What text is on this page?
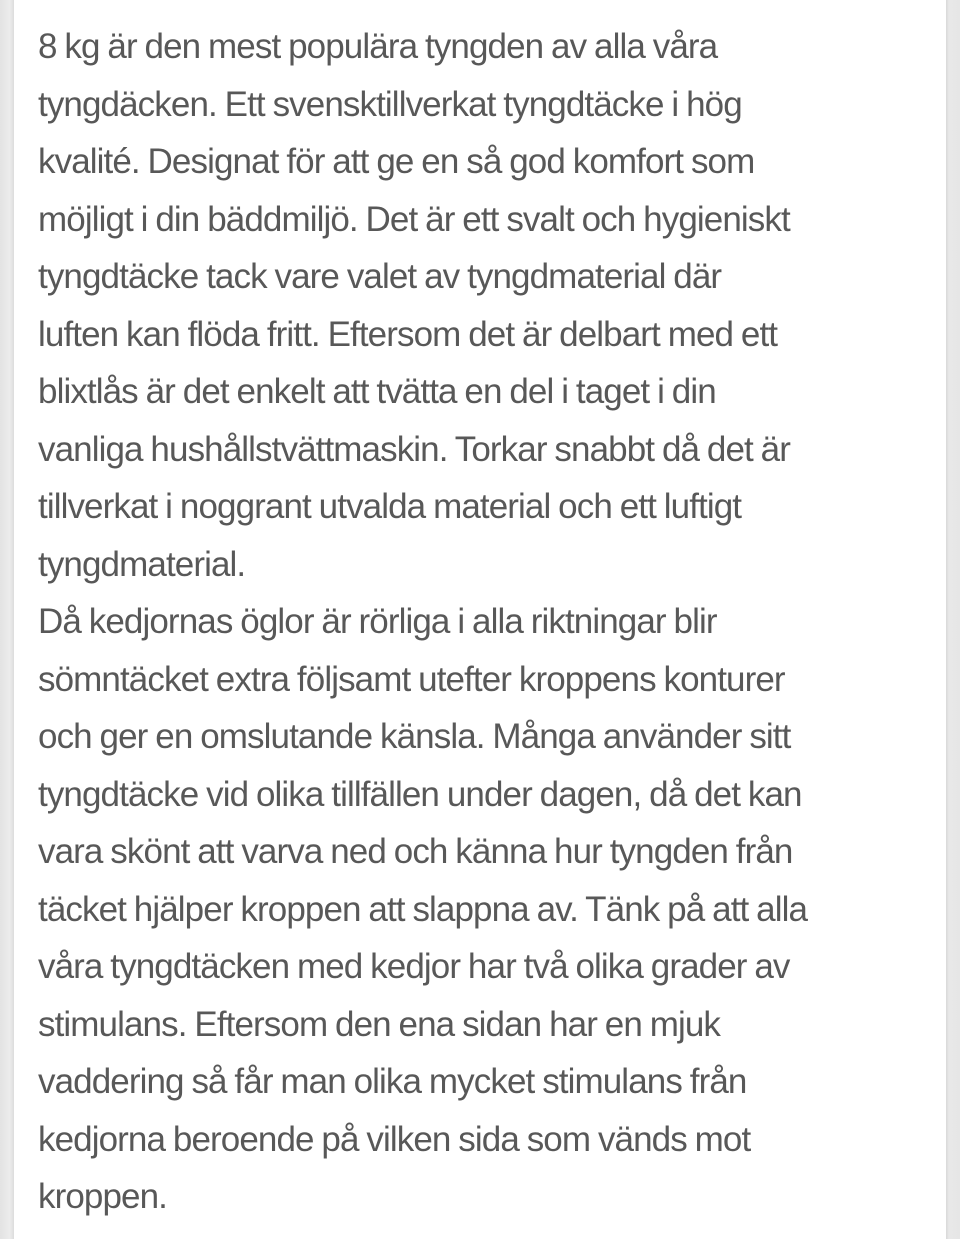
8 kg är den mest populära tyngden av alla våra
tyngdäcken. Ett svensktillverkat tyngdtäcke i hög
kvalité. Designat för att ge en så god komfort som
möjligt i din bäddmiljö. Det är ett svalt och hygieniskt
tyngdtäcke tack vare valet av tyngdmaterial där
luften kan flöda fritt. Eftersom det är delbart med ett
blixtlås är det enkelt att tvätta en del i taget i din
vanliga hushållstvättmaskin. Torkar snabbt då det är
tillverkat i noggrant utvalda material och ett luftigt
tyngdmaterial.
Då kedjornas öglor är rörliga i alla riktningar blir
sömntäcket extra följsamt utefter kroppens konturer
och ger en omslutande känsla. Många använder sitt
tyngdtäcke vid olika tillfällen under dagen, då det kan
vara skönt att varva ned och känna hur tyngden från
täcket hjälper kroppen att slappna av. Tänk på att alla
våra tyngdtäcken med kedjor har två olika grader av
stimulans. Eftersom den ena sidan har en mjuk
vaddering så får man olika mycket stimulans från
kedjorna beroende på vilken sida som vänds mot
kroppen.
